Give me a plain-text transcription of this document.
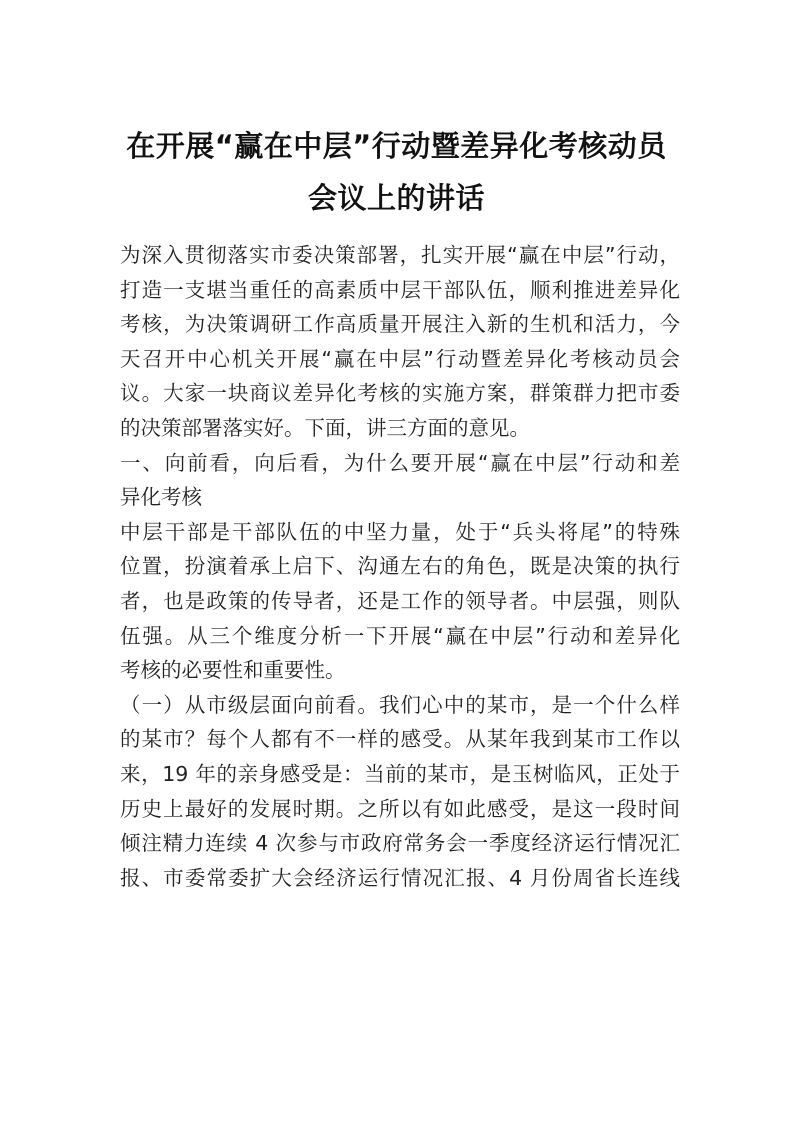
在开展“赢在中层”行动暨差异化考核动员
会议上的讲话
为深入贯彻落实市委决策部署，扎实开展“赢在中层”行动，
打造一支堪当重任的高素质中层干部队伍，顺利推进差异化
考核，为决策调研工作高质量开展注入新的生机和活力，今
天召开中心机关开展“赢在中层”行动暨差异化考核动员会
议。大家一块商议差异化考核的实施方案，群策群力把市委
的决策部署落实好。下面，讲三方面的意见。
一、向前看，向后看，为什么要开展“赢在中层”行动和差
异化考核
中层干部是干部队伍的中坚力量，处于“兵头将尾”的特殊
位置，扮演着承上启下、沟通左右的角色，既是决策的执行
者，也是政策的传导者，还是工作的领导者。中层强，则队
伍强。从三个维度分析一下开展“赢在中层”行动和差异化
考核的必要性和重要性。
（一）从市级层面向前看。我们心中的某市，是一个什么样
的某市？每个人都有不一样的感受。从某年我到某市工作以
来，19 年的亲身感受是：当前的某市，是玉树临风，正处于
历史上最好的发展时期。之所以有如此感受，是这一段时间
倾注精力连续 4 次参与市政府常务会一季度经济运行情况汇
报、市委常委扩大会经济运行情况汇报、4 月份周省长连线
